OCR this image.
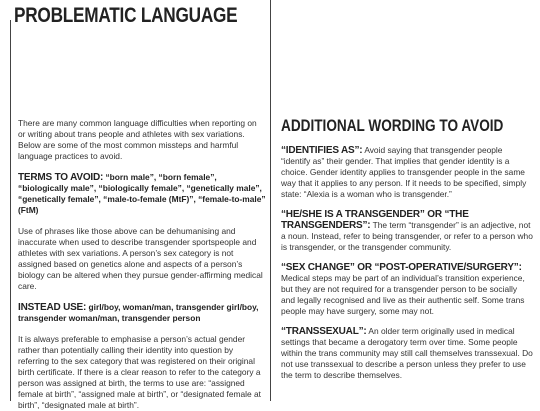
PROBLEMATIC LANGUAGE

There are many common language difficulties when reporting on or writing about trans people and athletes with sex variations. Below are some of the most common missteps and harmful language practices to avoid.

TERMS TO AVOID: “born male”, “born female”, “biologically male”, “biologically female”, “genetically male”, “genetically female”, “male-to-female (MtF)”, “female-to-male” (FtM)

Use of phrases like those above can be dehumanising and inaccurate when used to describe transgender sportspeople and athletes with sex variations. A person’s sex category is not assigned based on genetics alone and aspects of a person’s biology can be altered when they pursue gender-affirming medical care.

INSTEAD USE: girl/boy, woman/man, transgender girl/boy, transgender woman/man, transgender person

It is always preferable to emphasise a person’s actual gender rather than potentially calling their identity into question by referring to the sex category that was registered on their original birth certificate. If there is a clear reason to refer to the category a person was assigned at birth, the terms to use are: “assigned female at birth”, “assigned male at birth”, or “designated female at birth”, “designated male at birth”.

ADDITIONAL WORDING TO AVOID

“IDENTIFIES AS”: Avoid saying that transgender people “identify as” their gender. That implies that gender identity is a choice. Gender identity applies to transgender people in the same way that it applies to any person. If it needs to be specified, simply state: “Alexia is a woman who is transgender.”

“HE/SHE IS A TRANSGENDER” OR “THE TRANSGENDERS”: The term “transgender” is an adjective, not a noun. Instead, refer to being transgender, or refer to a person who is transgender, or the transgender community.

“SEX CHANGE” OR “POST-OPERATIVE/SURGERY”: Medical steps may be part of an individual’s transition experience, but they are not required for a transgender person to be socially and legally recognised and live as their authentic self. Some trans people may have surgery, some may not.

“TRANSSEXUAL”: An older term originally used in medical settings that became a derogatory term over time. Some people within the trans community may still call themselves transsexual. Do not use transsexual to describe a person unless they prefer to use the term to describe themselves.
